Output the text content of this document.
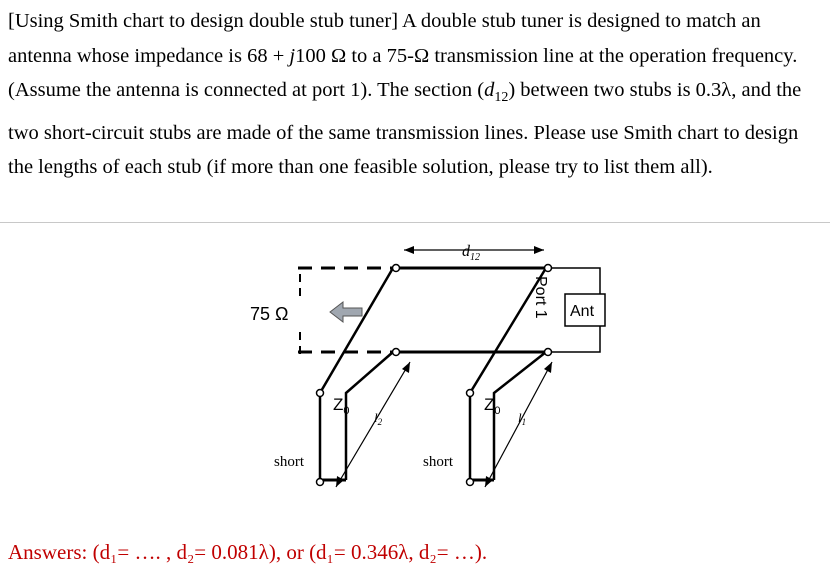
[Using Smith chart to design double stub tuner] A double stub tuner is designed to match an antenna whose impedance is 68 + j100 Ω to a 75-Ω transmission line at the operation frequency. (Assume the antenna is connected at port 1). The section $(d_{12})$ between two stubs is 0.3λ, and the two short-circuit stubs are made of the same transmission lines. Please use Smith chart to design the lengths of each stub (if more than one feasible solution, please try to list them all).

75 Ω
$d_{12}$
$Z_0$	$Z_0$
$l_2$	$l_1$
short	short
Port 1 Ant
Answers: (d₁= …. , d₂= 0.081λ), or (d₁= 0.346λ, d₂= …).
